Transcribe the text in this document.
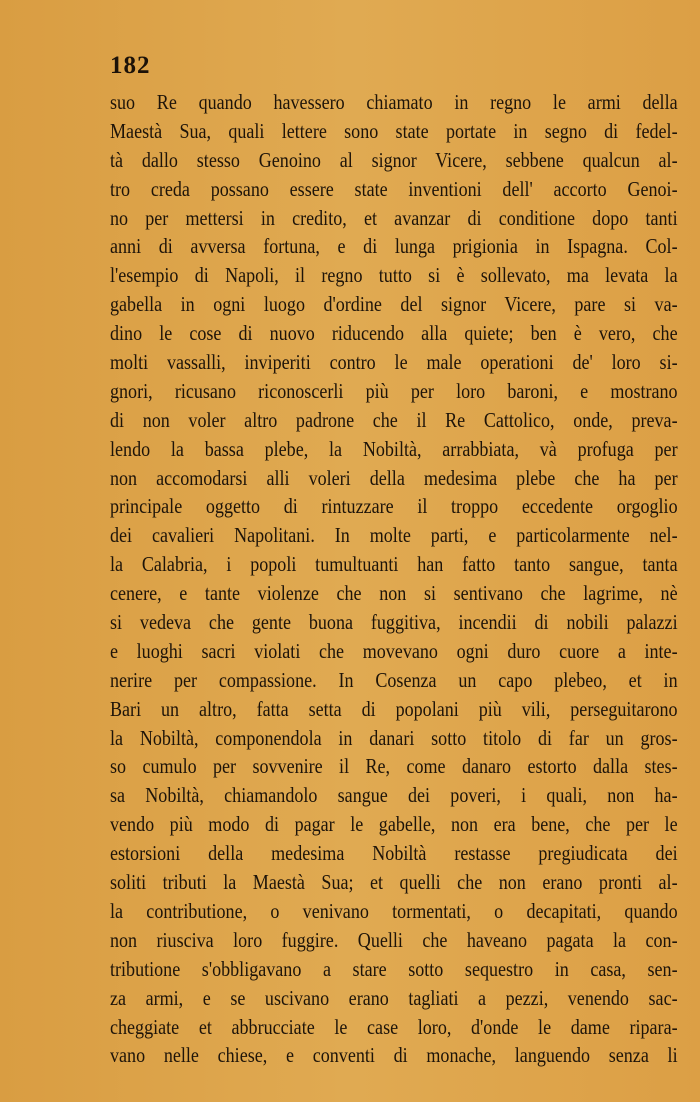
182
suo Re quando havessero chiamato in regno le armi della
Maestà Sua, quali lettere sono state portate in segno di fedel-
tà dallo stesso Genoino al signor Vicere, sebbene qualcun al-
tro creda possano essere state inventioni dell' accorto Genoi-
no per mettersi in credito, et avanzar di conditione dopo tanti
anni di avversa fortuna, e di lunga prigionia in Ispagna. Col-
l'esempio di Napoli, il regno tutto si è sollevato, ma levata la
gabella in ogni luogo d'ordine del signor Vicere, pare si va-
dino le cose di nuovo riducendo alla quiete; ben è vero, che
molti vassalli, inviperiti contro le male operationi de' loro si-
gnori, ricusano riconoscerli più per loro baroni, e mostrano
di non voler altro padrone che il Re Cattolico, onde, preva-
lendo la bassa plebe, la Nobiltà, arrabbiata, và profuga per
non accomodarsi alli voleri della medesima plebe che ha per
principale oggetto di rintuzzare il troppo eccedente orgoglio
dei cavalieri Napolitani. In molte parti, e particolarmente nel-
la Calabria, i popoli tumultuanti han fatto tanto sangue, tanta
cenere, e tante violenze che non si sentivano che lagrime, nè
si vedeva che gente buona fuggitiva, incendii di nobili palazzi
e luoghi sacri violati che movevano ogni duro cuore a inte-
nerire per compassione. In Cosenza un capo plebeo, et in
Bari un altro, fatta setta di popolani più vili, perseguitarono
la Nobiltà, componendola in danari sotto titolo di far un gros-
so cumulo per sovvenire il Re, come danaro estorto dalla stes-
sa Nobiltà, chiamandolo sangue dei poveri, i quali, non ha-
vendo più modo di pagar le gabelle, non era bene, che per le
estorsioni della medesima Nobiltà restasse pregiudicata dei
soliti tributi la Maestà Sua; et quelli che non erano pronti al-
la contributione, o venivano tormentati, o decapitati, quando
non riusciva loro fuggire. Quelli che haveano pagata la con-
tributione s'obbligavano a stare sotto sequestro in casa, sen-
za armi, e se uscivano erano tagliati a pezzi, venendo sac-
cheggiate et abbrucciate le case loro, d'onde le dame ripara-
vano nelle chiese, e conventi di monache, languendo senza li
